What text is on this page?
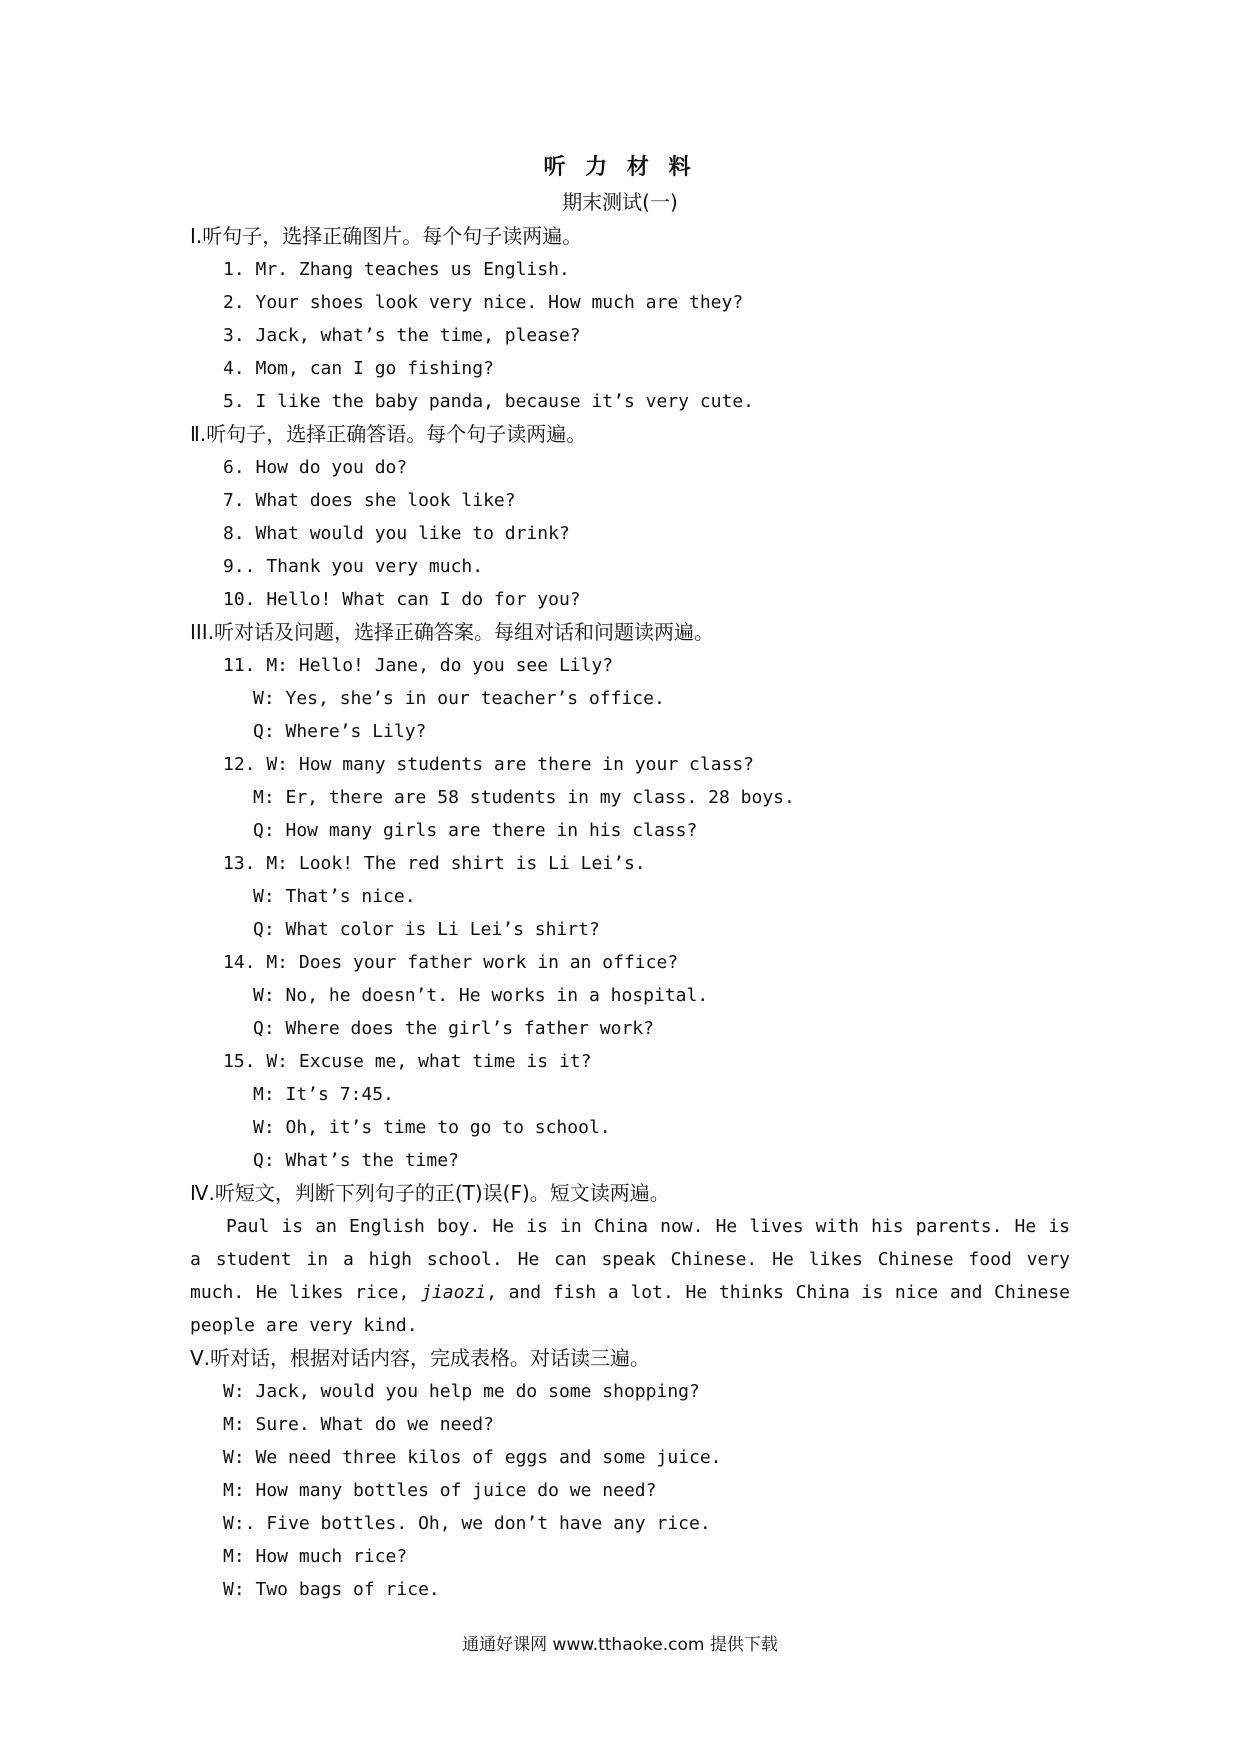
听 力 材 料
期末测试(一)
Ⅰ.听句子，选择正确图片。每个句子读两遍。
1. Mr. Zhang teaches us English.
2. Your shoes look very nice. How much are they?
3. Jack, what’s the time, please?
4. Mom, can I go fishing?
5. I like the baby panda, because it’s very cute.
Ⅱ.听句子，选择正确答语。每个句子读两遍。
6. How do you do?
7. What does she look like?
8. What would you like to drink?
9.. Thank you very much.
10. Hello! What can I do for you?
III.听对话及问题，选择正确答案。每组对话和问题读两遍。
11. M: Hello! Jane, do you see Lily?
W: Yes, she’s in our teacher’s office.
Q: Where’s Lily?
12. W: How many students are there in your class?
M: Er, there are 58 students in my class. 28 boys.
Q: How many girls are there in his class?
13. M: Look! The red shirt is Li Lei’s.
W: That’s nice.
Q: What color is Li Lei’s shirt?
14. M: Does your father work in an office?
W: No, he doesn’t. He works in a hospital.
Q: Where does the girl’s father work?
15. W: Excuse me, what time is it?
M: It’s 7:45.
W: Oh, it’s time to go to school.
Q: What’s the time?
Ⅳ.听短文，判断下列句子的正(T)误(F)。短文读两遍。
Paul is an English boy. He is in China now. He lives with his parents. He is a student in a high school. He can speak Chinese. He likes Chinese food very much. He likes rice, jiaozi, and fish a lot. He thinks China is nice and Chinese people are very kind.
Ⅴ.听对话，根据对话内容，完成表格。对话读三遍。
W: Jack, would you help me do some shopping?
M: Sure. What do we need?
W: We need three kilos of eggs and some juice.
M: How many bottles of juice do we need?
W:. Five bottles. Oh, we don’t have any rice.
M: How much rice?
W: Two bags of rice.
通通好课网 www.tthaoke.com 提供下载
